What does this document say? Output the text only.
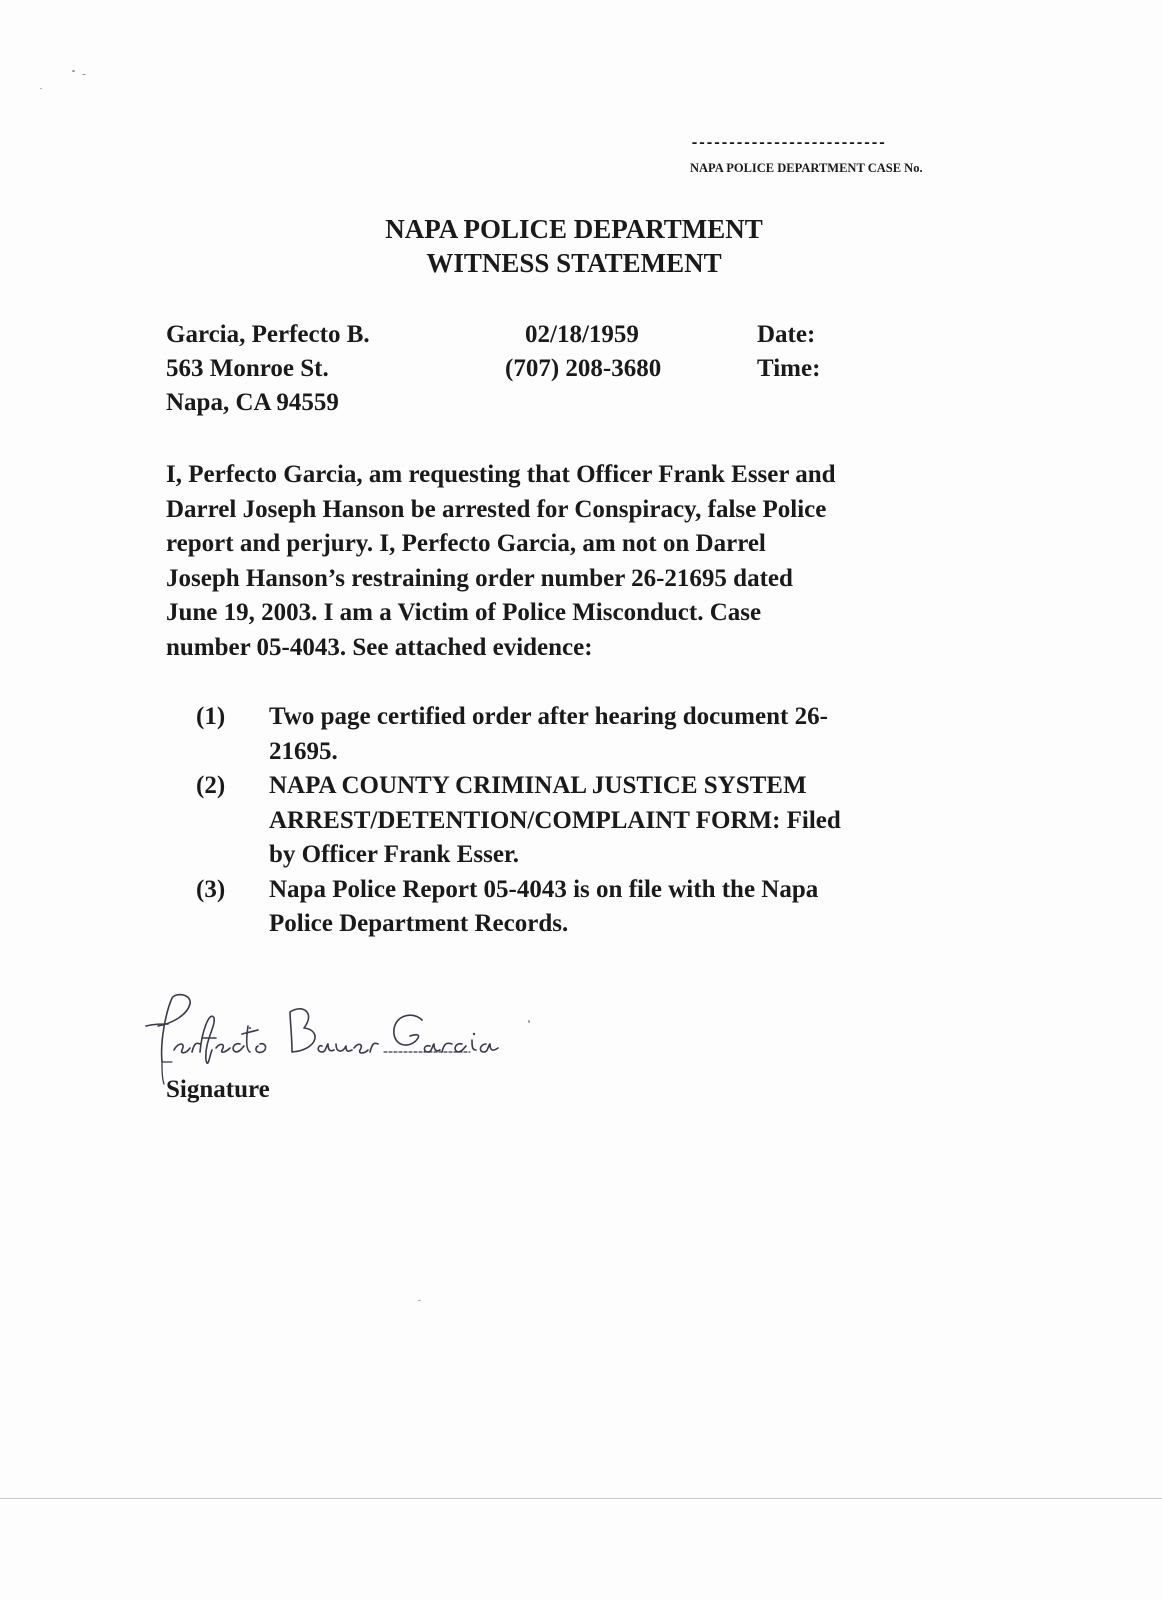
--------------------------
NAPA POLICE DEPARTMENT CASE No.
NAPA POLICE DEPARTMENT
WITNESS STATEMENT
Garcia, Perfecto B.
563 Monroe St.
Napa, CA 94559
02/18/1959
(707) 208-3680
Date:
Time:
I, Perfecto Garcia, am requesting that Officer Frank Esser and
Darrel Joseph Hanson be arrested for Conspiracy, false Police
report and perjury. I, Perfecto Garcia, am not on Darrel
Joseph Hanson’s restraining order number 26-21695 dated
June 19, 2003. I am a Victim of Police Misconduct. Case
number 05-4043. See attached evidence:
(1) Two page certified order after hearing document 26-
21695.
(2) NAPA COUNTY CRIMINAL JUSTICE SYSTEM
ARREST/DETENTION/COMPLAINT FORM: Filed
by Officer Frank Esser.
(3) Napa Police Report 05-4043 is on file with the Napa
Police Department Records.
Signature
